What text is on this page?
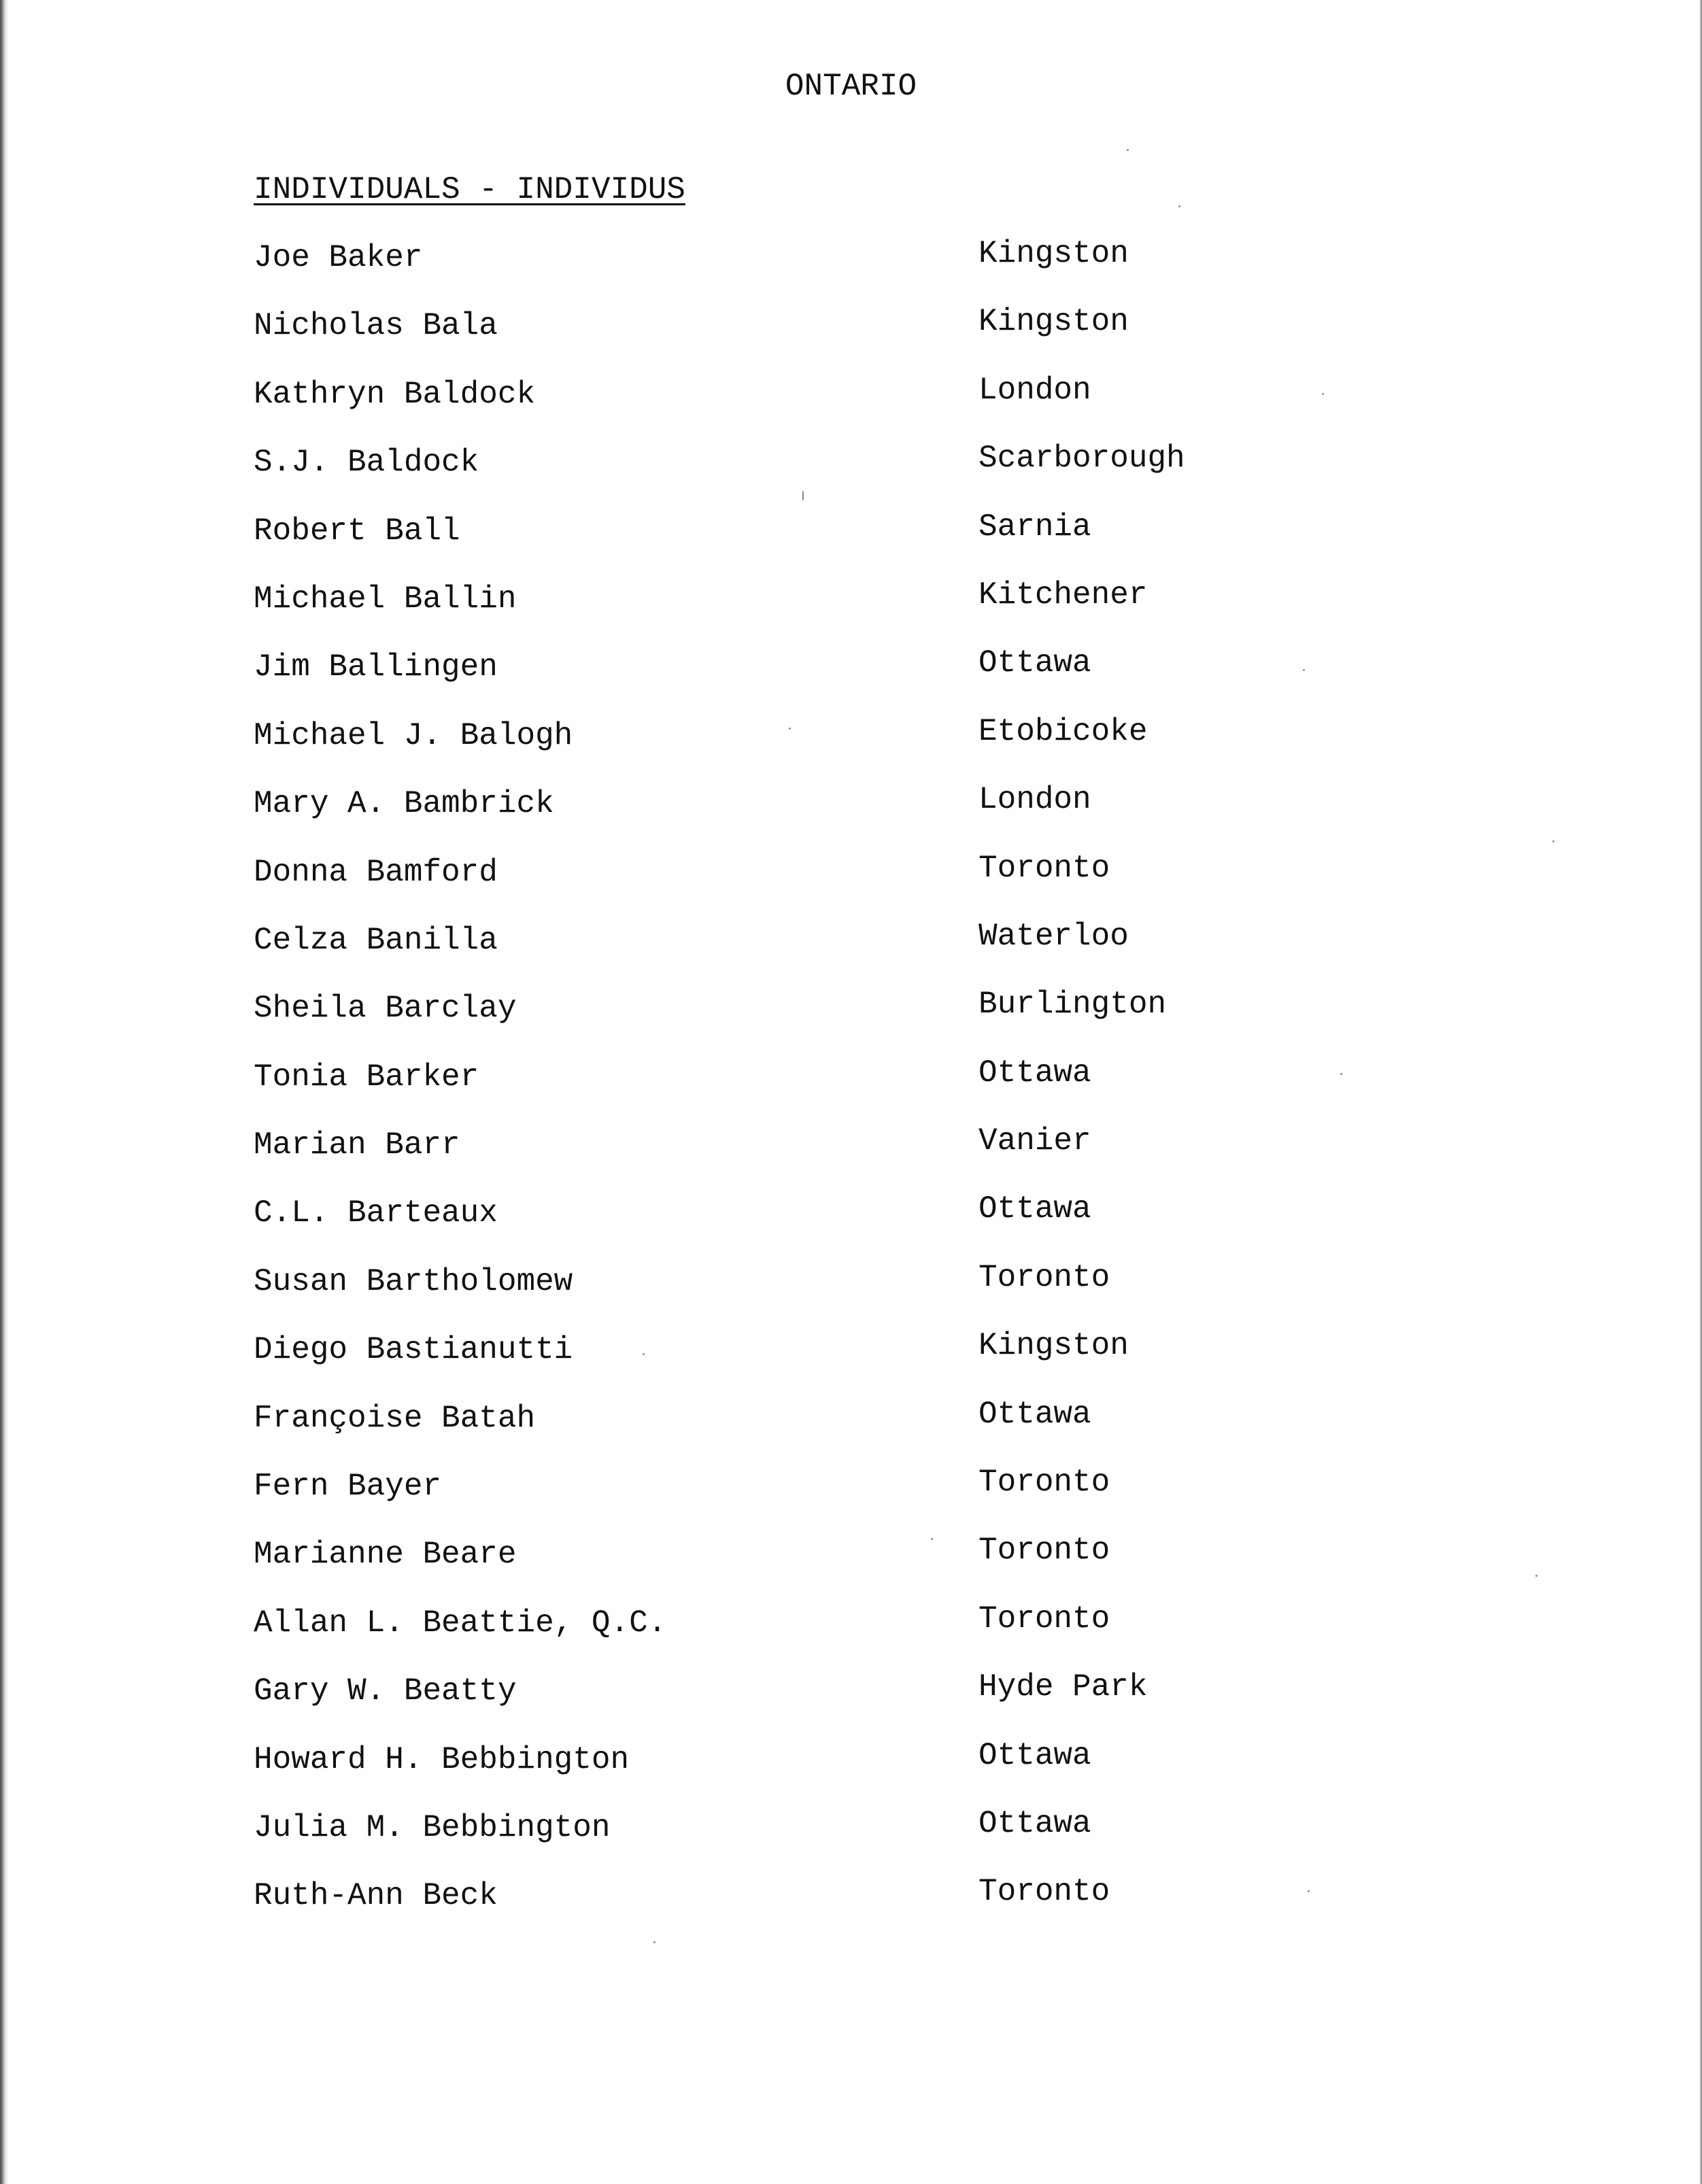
ONTARIO
INDIVIDUALS - INDIVIDUS
Joe Baker	Kingston
Nicholas Bala	Kingston
Kathryn Baldock	London
S.J. Baldock	Scarborough
Robert Ball	Sarnia
Michael Ballin	Kitchener
Jim Ballingen	Ottawa
Michael J. Balogh	Etobicoke
Mary A. Bambrick	London
Donna Bamford	Toronto
Celza Banilla	Waterloo
Sheila Barclay	Burlington
Tonia Barker	Ottawa
Marian Barr	Vanier
C.L. Barteaux	Ottawa
Susan Bartholomew	Toronto
Diego Bastianutti	Kingston
Françoise Batah	Ottawa
Fern Bayer	Toronto
Marianne Beare	Toronto
Allan L. Beattie, Q.C.	Toronto
Gary W. Beatty	Hyde Park
Howard H. Bebbington	Ottawa
Julia M. Bebbington	Ottawa
Ruth-Ann Beck	Toronto
